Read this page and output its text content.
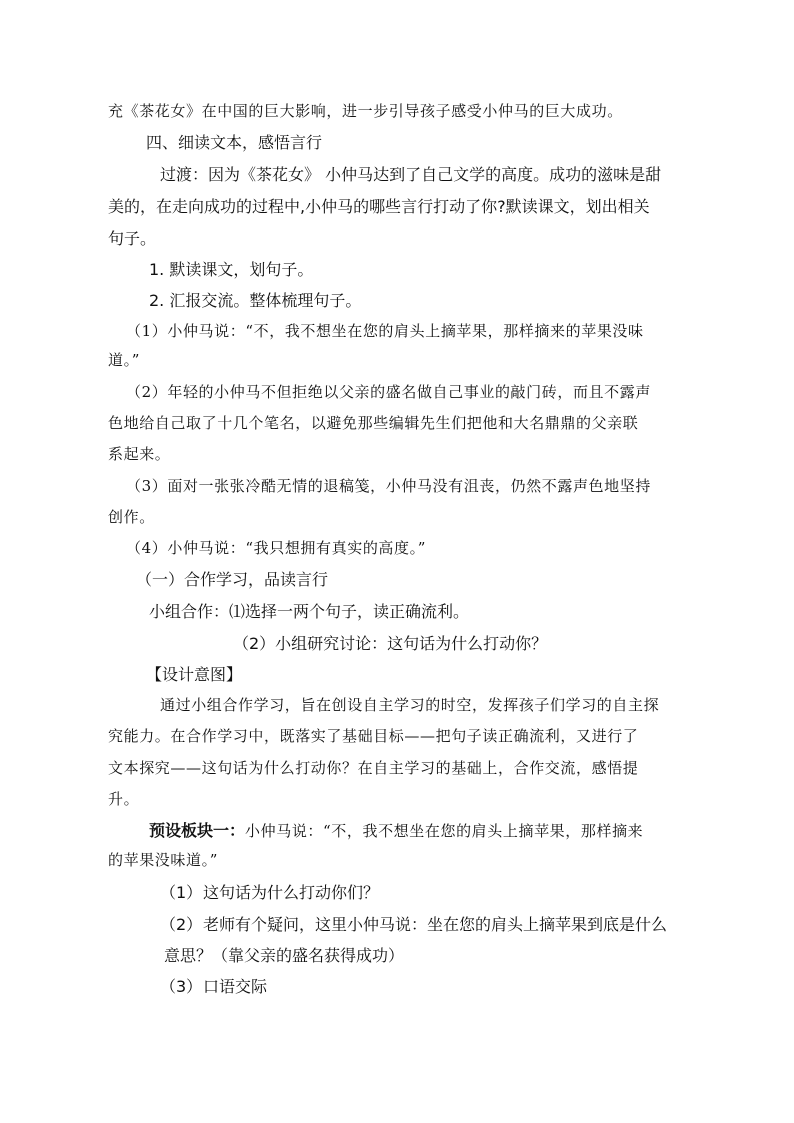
充《茶花女》在中国的巨大影响，进一步引导孩子感受小仲马的巨大成功。
四、细读文本，感悟言行
过渡：因为《茶花女》 小仲马达到了自己文学的高度。成功的滋味是甜
美的，在走向成功的过程中,小仲马的哪些言行打动了你?默读课文，划出相关
句子。
1. 默读课文，划句子。
2. 汇报交流。整体梳理句子。
（1）小仲马说：“不，我不想坐在您的肩头上摘苹果，那样摘来的苹果没味
道。”
（2）年轻的小仲马不但拒绝以父亲的盛名做自己事业的敲门砖，而且不露声
色地给自己取了十几个笔名，以避免那些编辑先生们把他和大名鼎鼎的父亲联
系起来。
（3）面对一张张冷酷无情的退稿笺，小仲马没有沮丧，仍然不露声色地坚持
创作。
（4）小仲马说：“我只想拥有真实的高度。”
（一）合作学习，品读言行
小组合作：⑴选择一两个句子，读正确流利。
（2）小组研究讨论：这句话为什么打动你？
【设计意图】
通过小组合作学习，旨在创设自主学习的时空，发挥孩子们学习的自主探
究能力。在合作学习中，既落实了基础目标——把句子读正确流利，又进行了
文本探究——这句话为什么打动你？在自主学习的基础上，合作交流，感悟提
升。
预设板块一：小仲马说：“不，我不想坐在您的肩头上摘苹果，那样摘来
的苹果没味道。”
（1） 这句话为什么打动你们？
（2） 老师有个疑问，这里小仲马说：坐在您的肩头上摘苹果到底是什么
意思？（靠父亲的盛名获得成功）
（3） 口语交际
